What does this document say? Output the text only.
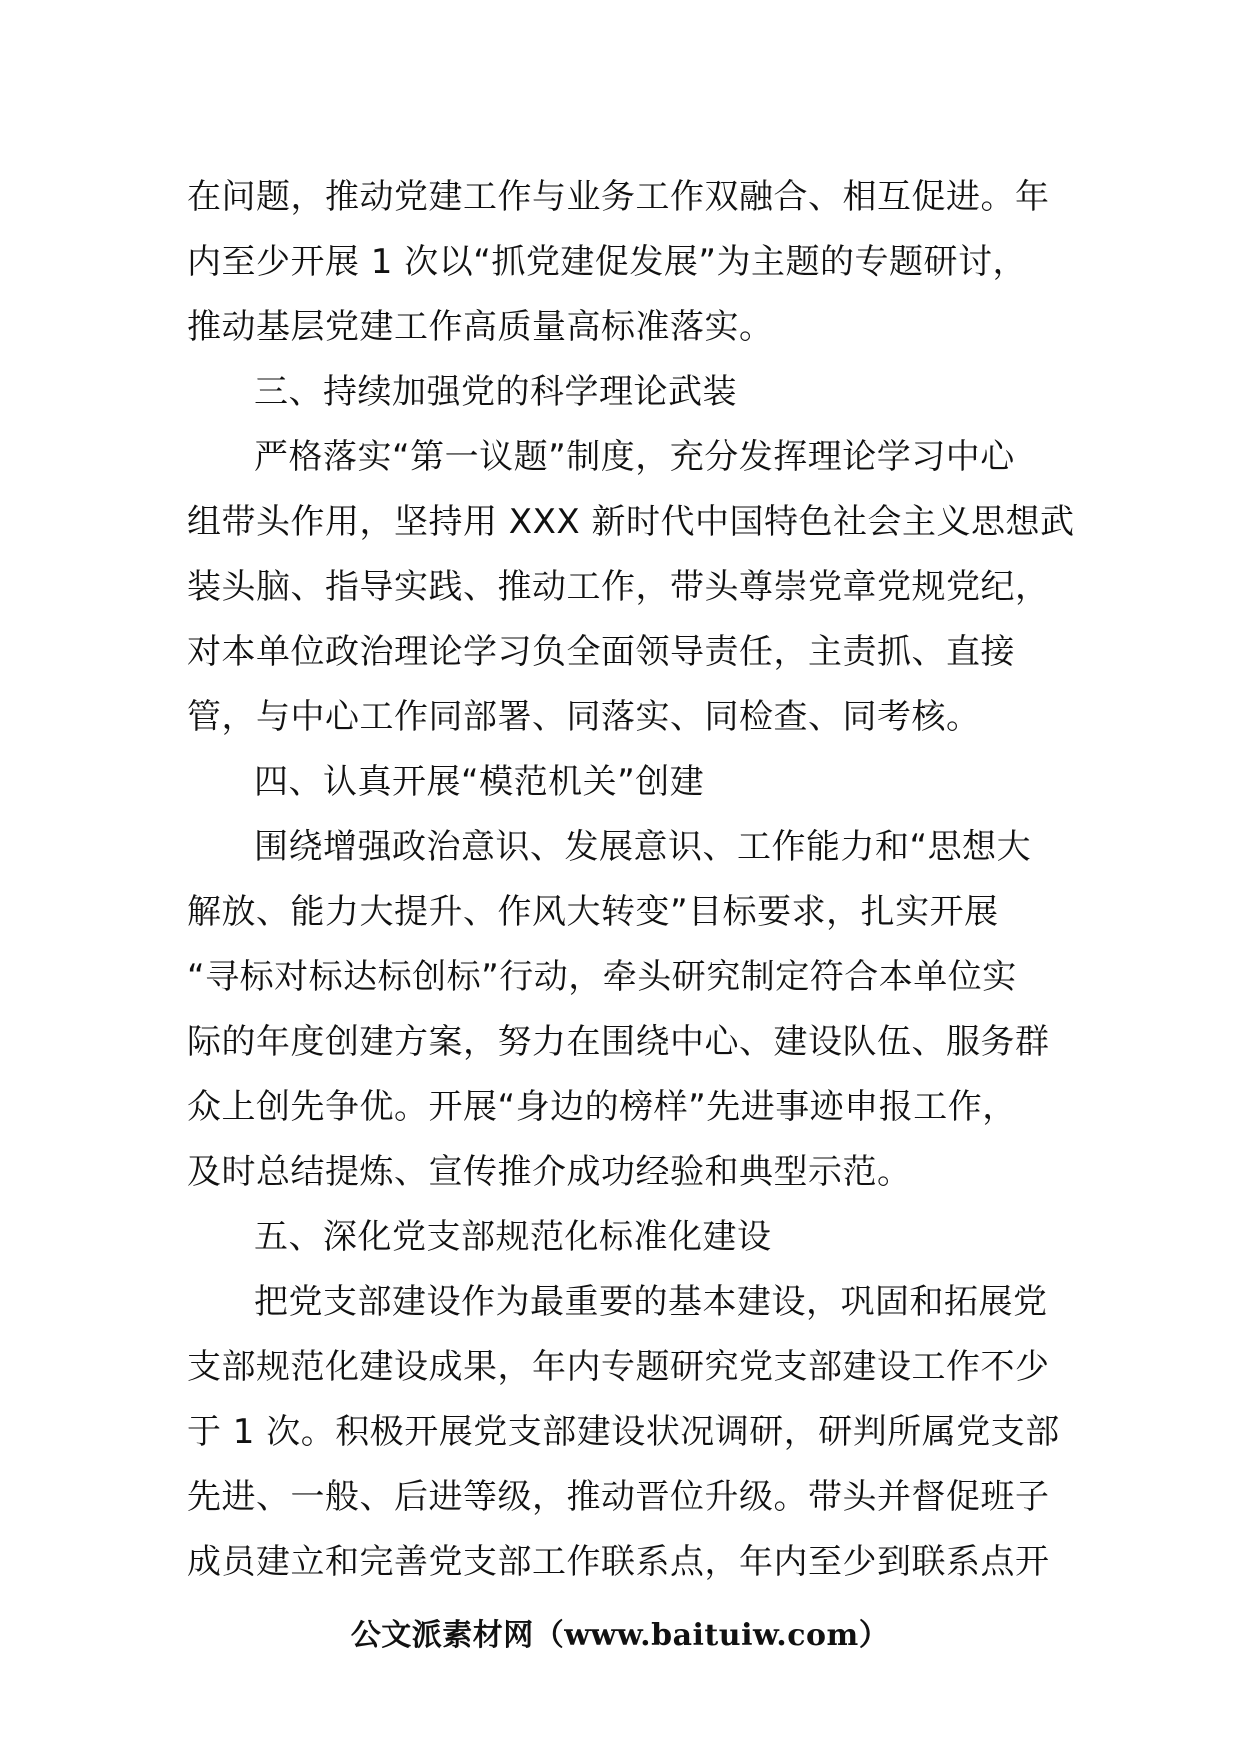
在问题，推动党建工作与业务工作双融合、相互促进。年
内至少开展 1 次以“抓党建促发展”为主题的专题研讨，
推动基层党建工作高质量高标准落实。
三、持续加强党的科学理论武装
严格落实“第一议题”制度，充分发挥理论学习中心
组带头作用，坚持用 XXX 新时代中国特色社会主义思想武
装头脑、指导实践、推动工作，带头尊崇党章党规党纪，
对本单位政治理论学习负全面领导责任，主责抓、直接
管，与中心工作同部署、同落实、同检查、同考核。
四、认真开展“模范机关”创建
围绕增强政治意识、发展意识、工作能力和“思想大
解放、能力大提升、作风大转变”目标要求，扎实开展
“寻标对标达标创标”行动，牵头研究制定符合本单位实
际的年度创建方案，努力在围绕中心、建设队伍、服务群
众上创先争优。开展“身边的榜样”先进事迹申报工作，
及时总结提炼、宣传推介成功经验和典型示范。
五、深化党支部规范化标准化建设
把党支部建设作为最重要的基本建设，巩固和拓展党
支部规范化建设成果，年内专题研究党支部建设工作不少
于 1 次。积极开展党支部建设状况调研，研判所属党支部
先进、一般、后进等级，推动晋位升级。带头并督促班子
成员建立和完善党支部工作联系点，年内至少到联系点开
公文派素材网（www.baituiw.com）
